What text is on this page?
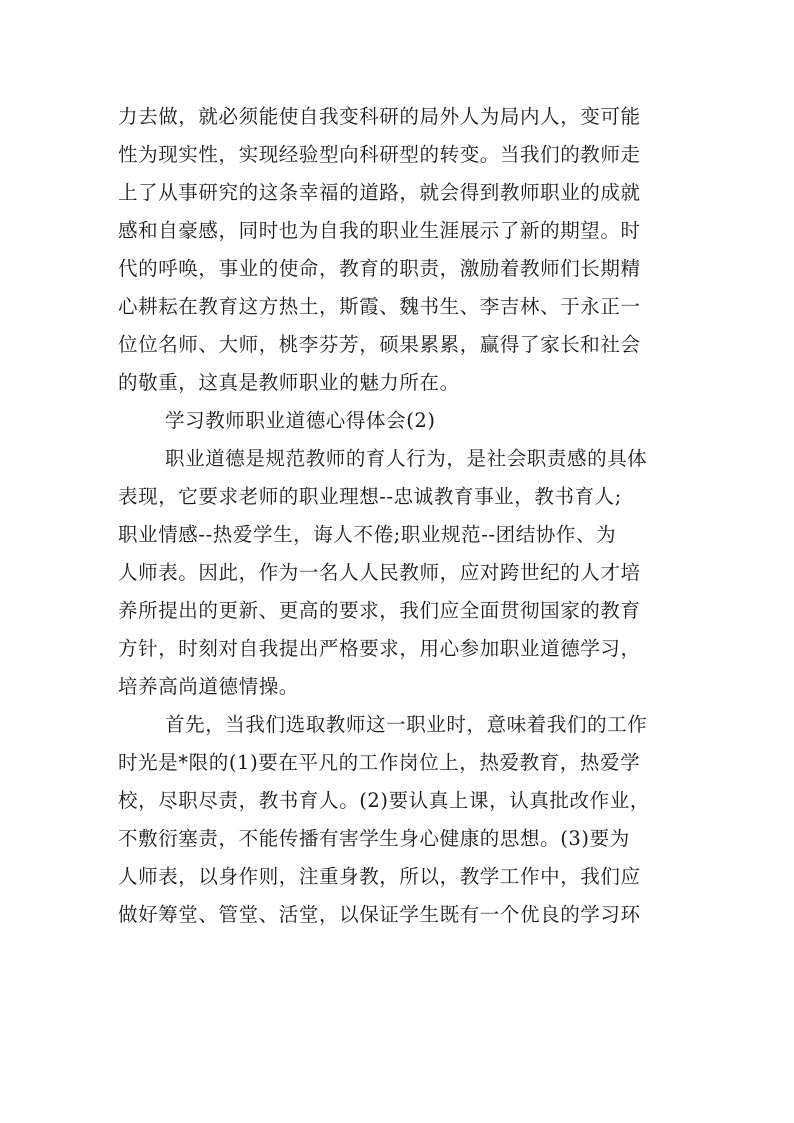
力去做，就必须能使自我变科研的局外人为局内人，变可能
性为现实性，实现经验型向科研型的转变。当我们的教师走
上了从事研究的这条幸福的道路，就会得到教师职业的成就
感和自豪感，同时也为自我的职业生涯展示了新的期望。时
代的呼唤，事业的使命，教育的职责，激励着教师们长期精
心耕耘在教育这方热土，斯霞、魏书生、李吉林、于永正一
位位名师、大师，桃李芬芳，硕果累累，赢得了家长和社会
的敬重，这真是教师职业的魅力所在。
学习教师职业道德心得体会(2)
职业道德是规范教师的育人行为，是社会职责感的具体
表现，它要求老师的职业理想--忠诚教育事业，教书育人;
职业情感--热爱学生，诲人不倦;职业规范--团结协作、为
人师表。因此，作为一名人人民教师，应对跨世纪的人才培
养所提出的更新、更高的要求，我们应全面贯彻国家的教育
方针，时刻对自我提出严格要求，用心参加职业道德学习，
培养高尚道德情操。
首先，当我们选取教师这一职业时，意味着我们的工作
时光是*限的(1)要在平凡的工作岗位上，热爱教育，热爱学
校，尽职尽责，教书育人。(2)要认真上课，认真批改作业，
不敷衍塞责，不能传播有害学生身心健康的思想。(3)要为
人师表，以身作则，注重身教，所以，教学工作中，我们应
做好筹堂、管堂、活堂，以保证学生既有一个优良的学习环
